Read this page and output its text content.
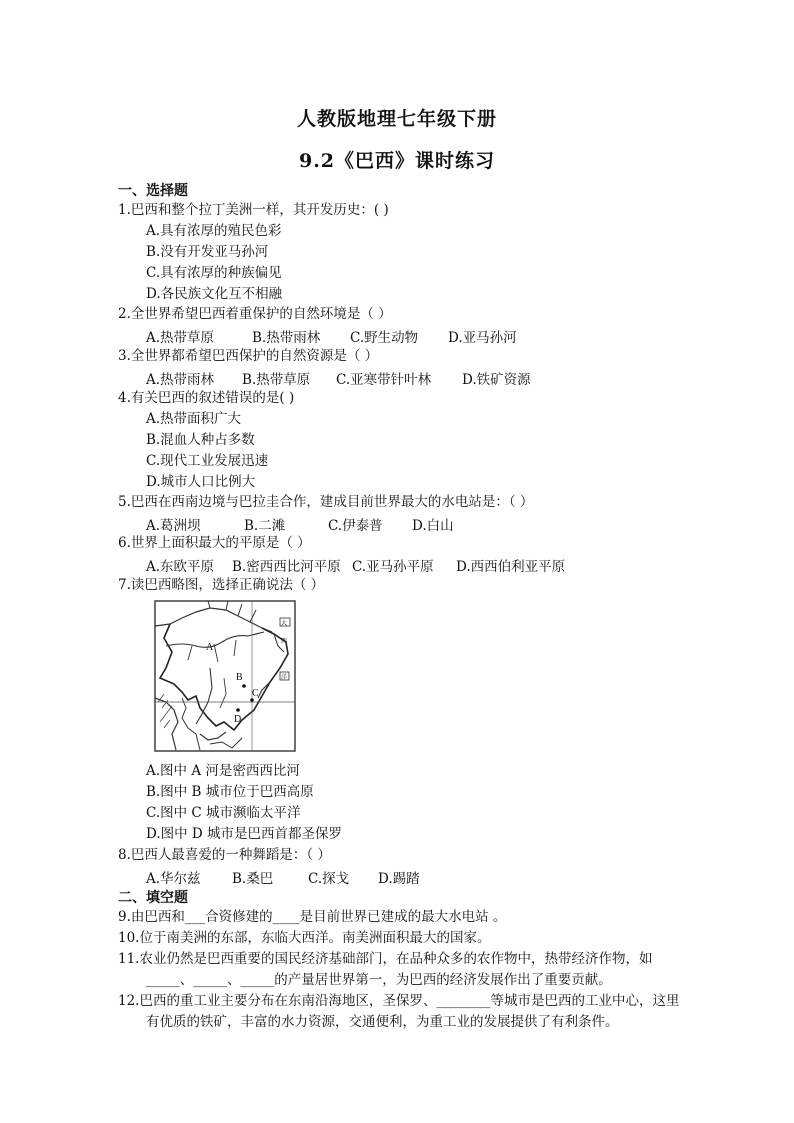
人教版地理七年级下册
9.2《巴西》课时练习
一、选择题
1.巴西和整个拉丁美洲一样，其开发历史：( )
A.具有浓厚的殖民色彩
B.没有开发亚马孙河
C.具有浓厚的种族偏见
D.各民族文化互不相融
2.全世界希望巴西着重保护的自然环境是（ ）
A.热带草原	B.热带雨林 C.野生动物 D.亚马孙河
3.全世界都希望巴西保护的自然资源是（ ）
A.热带雨林 B.热带草原 C.亚寒带针叶林 D.铁矿资源
4.有关巴西的叙述错误的是( )
A.热带面积广大
B.混血人种占多数
C.现代工业发展迅速
D.城市人口比例大
5.巴西在西南边境与巴拉圭合作，建成目前世界最大的水电站是：（ ）
A.葛洲坝	B.二滩	C.伊泰普 D.白山
6.世界上面积最大的平原是（ ）
A.东欧平原 B.密西西比河平原 C.亚马孙平原 D.西西伯利亚平原
7.读巴西略图，选择正确说法（ ）
A
B
C
D
大
西
洋
A.图中 A 河是密西西比河
B.图中 B 城市位于巴西高原
C.图中 C 城市濒临太平洋
D.图中 D 城市是巴西首都圣保罗
8.巴西人最喜爱的一种舞蹈是：（ ）
A.华尔兹 B.桑巴	C.探戈 D.踢踏
二、填空题
9.由巴西和___合资修建的____是目前世界已建成的最大水电站 。
10.位于南美洲的东部，东临大西洋。南美洲面积最大的国家。
11.农业仍然是巴西重要的国民经济基础部门，在品种众多的农作物中，热带经济作物，如
_____、_____、_____的产量居世界第一，为巴西的经济发展作出了重要贡献。
12.巴西的重工业主要分布在东南沿海地区，圣保罗、________等城市是巴西的工业中心，这里
有优质的铁矿，丰富的水力资源，交通便利，为重工业的发展提供了有利条件。
